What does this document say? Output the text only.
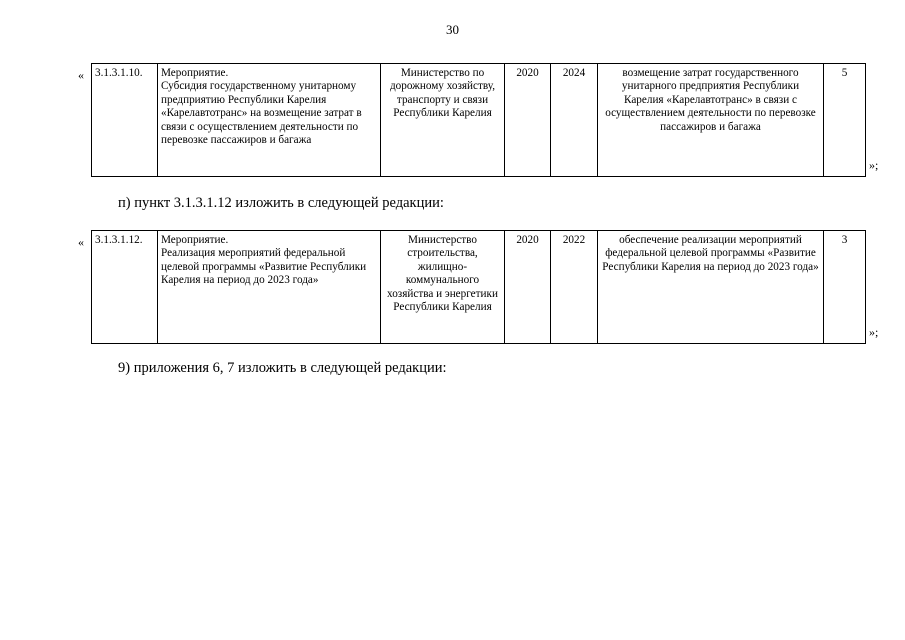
30
« 3.1.3.1.10.	Мероприятие.
Субсидия государственному унитарному предприятию Республики Карелия «Карелавтотранс» на возмещение затрат в связи с осуществлением деятельности по перевозке пассажиров и багажа	Министерство по дорожному хозяйству, транспорту и связи Республики Карелия	2020	2024	возмещение затрат государственного унитарного предприятия Республики Карелия «Карелавтотранс» в связи с осуществлением деятельности по перевозке пассажиров и багажа	5
»;
п) пункт 3.1.3.1.12 изложить в следующей редакции:
« 3.1.3.1.12.	Мероприятие.
Реализация мероприятий федеральной целевой программы «Развитие Республики Карелия на период до 2023 года»	Министерство строительства, жилищно-коммунального хозяйства и энергетики Республики Карелия	2020	2022	обеспечение реализации мероприятий федеральной целевой программы «Развитие Республики Карелия на период до 2023 года»	3
»;
9) приложения 6, 7 изложить в следующей редакции:
